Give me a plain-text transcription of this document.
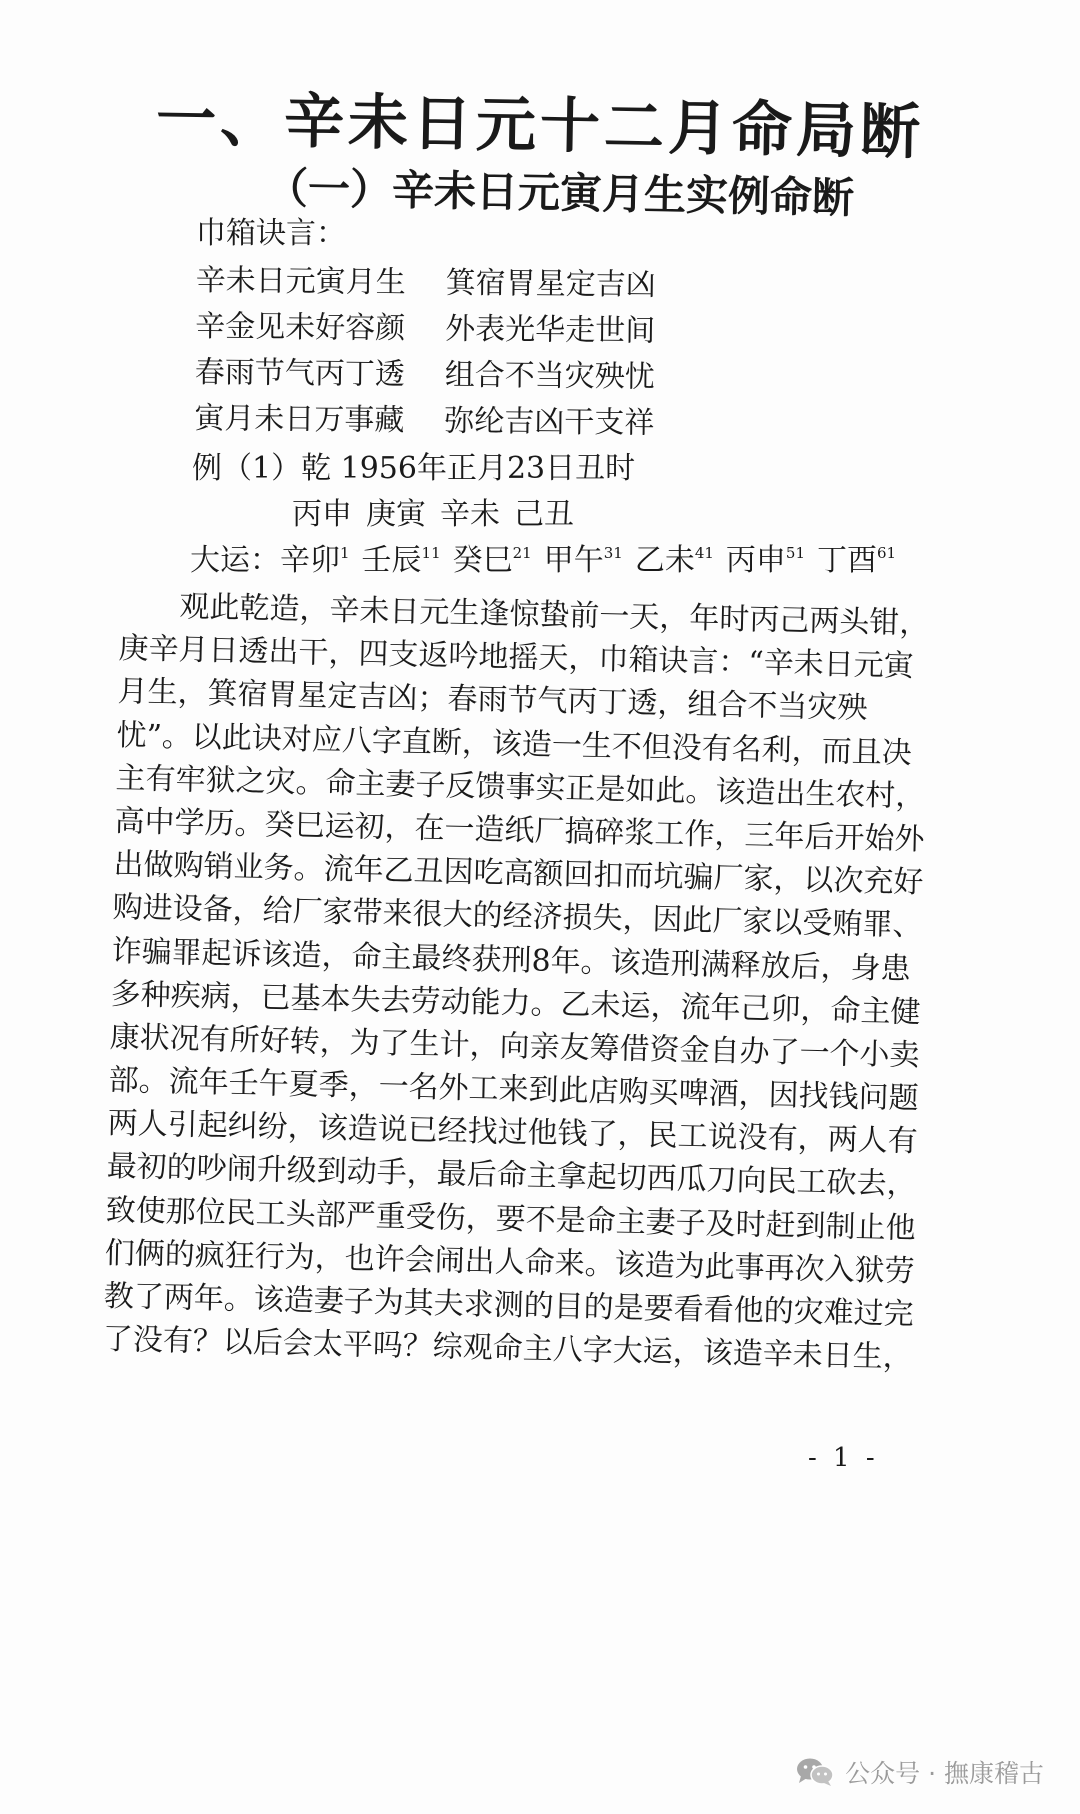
一、辛未日元十二月命局断
（一）辛未日元寅月生实例命断
巾箱诀言：
辛未日元寅月生 箕宿胃星定吉凶
辛金见未好容颜 外表光华走世间
春雨节气丙丁透 组合不当灾殃忧
寅月未日万事藏 弥纶吉凶干支祥
例（1）乾 1956年正月23日丑时
丙申 庚寅 辛未 己丑
大运：辛卯$^1$ 壬辰$^{11}$ 癸巳$^{21}$ 甲午$^{31}$ 乙未$^{41}$ 丙申$^{51}$ 丁酉$^{61}$
　　观此乾造，辛未日元生逢惊蛰前一天，年时丙己两头钳，
庚辛月日透出干，四支返吟地摇天，巾箱诀言：“辛未日元寅
月生，箕宿胃星定吉凶；春雨节气丙丁透，组合不当灾殃
忧”。以此诀对应八字直断，该造一生不但没有名利，而且决
主有牢狱之灾。命主妻子反馈事实正是如此。该造出生农村，
高中学历。癸巳运初，在一造纸厂搞碎浆工作，三年后开始外
出做购销业务。流年乙丑因吃高额回扣而坑骗厂家，以次充好
购进设备，给厂家带来很大的经济损失，因此厂家以受贿罪、
诈骗罪起诉该造，命主最终获刑8年。该造刑满释放后，身患
多种疾病，已基本失去劳动能力。乙未运，流年己卯，命主健
康状况有所好转，为了生计，向亲友筹借资金自办了一个小卖
部。流年壬午夏季，一名外工来到此店购买啤酒，因找钱问题
两人引起纠纷，该造说已经找过他钱了，民工说没有，两人有
最初的吵闹升级到动手，最后命主拿起切西瓜刀向民工砍去，
致使那位民工头部严重受伤，要不是命主妻子及时赶到制止他
们俩的疯狂行为，也许会闹出人命来。该造为此事再次入狱劳
教了两年。该造妻子为其夫求测的目的是要看看他的灾难过完
了没有？以后会太平吗？综观命主八字大运，该造辛未日生，
- 1 -
公众号 · 撫康稽古
